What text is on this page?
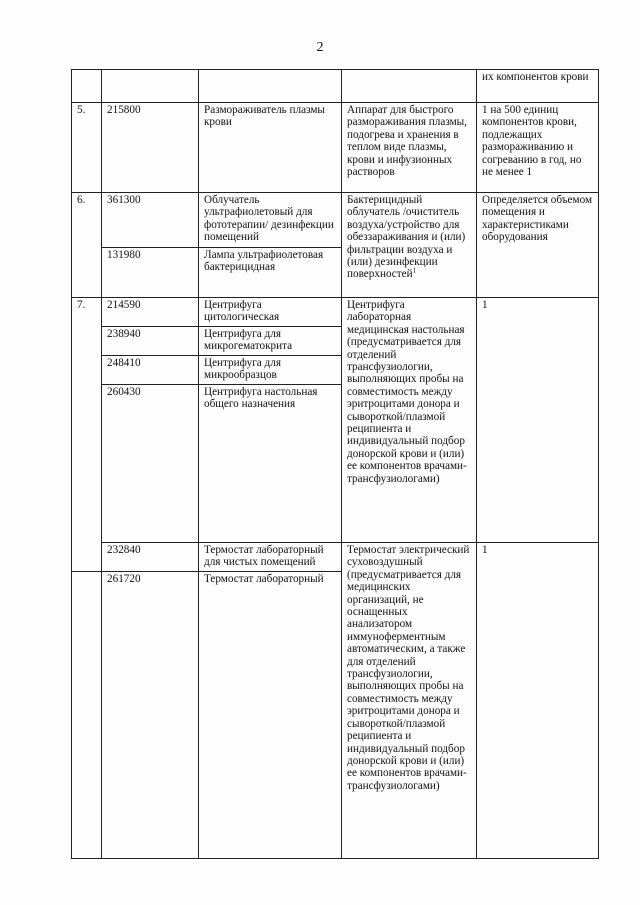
2
				их компонентов крови
5.	215800	Размораживатель плазмы крови	Аппарат для быстрого размораживания плазмы, подогрева и хранения в теплом виде плазмы, крови и инфузионных растворов	1 на 500 единиц компонентов крови, подлежащих размораживанию и согреванию в год, но не менее 1
6.	361300	Облучатель ультрафиолетовый для фототерапии/ дезинфекции помещений	Бактерицидный облучатель /очиститель воздуха/устройство для обеззараживания и (или) фильтрации воздуха и (или) дезинфекции поверхностей$^1$	Определяется объемом помещения и характеристиками оборудования
	131980	Лампа ультрафиолетовая бактерицидная		
7.	214590	Центрифуга цитологическая	Центрифуга лабораторная медицинская настольная (предусматривается для отделений трансфузиологии, выполняющих пробы на совместимость между эритроцитами донора и сывороткой/плазмой реципиента и индивидуальный подбор донорской крови и (или) ее компонентов врачами-трансфузиологами)	1
	238940	Центрифуга для микрогематокрита		
	248410	Центрифуга для микрообразцов		
	260430	Центрифуга настольная общего назначения		
	232840	Термостат лабораторный для чистых помещений	Термостат электрический суховоздушный (предусматривается для медицинских организаций, не оснащенных анализатором иммуноферментным автоматическим, а также для отделений трансфузиологии, выполняющих пробы на совместимость между эритроцитами донора и сывороткой/плазмой реципиента и индивидуальный подбор донорской крови и (или) ее компонентов врачами-трансфузиологами)	1
	261720	Термостат лабораторный		
